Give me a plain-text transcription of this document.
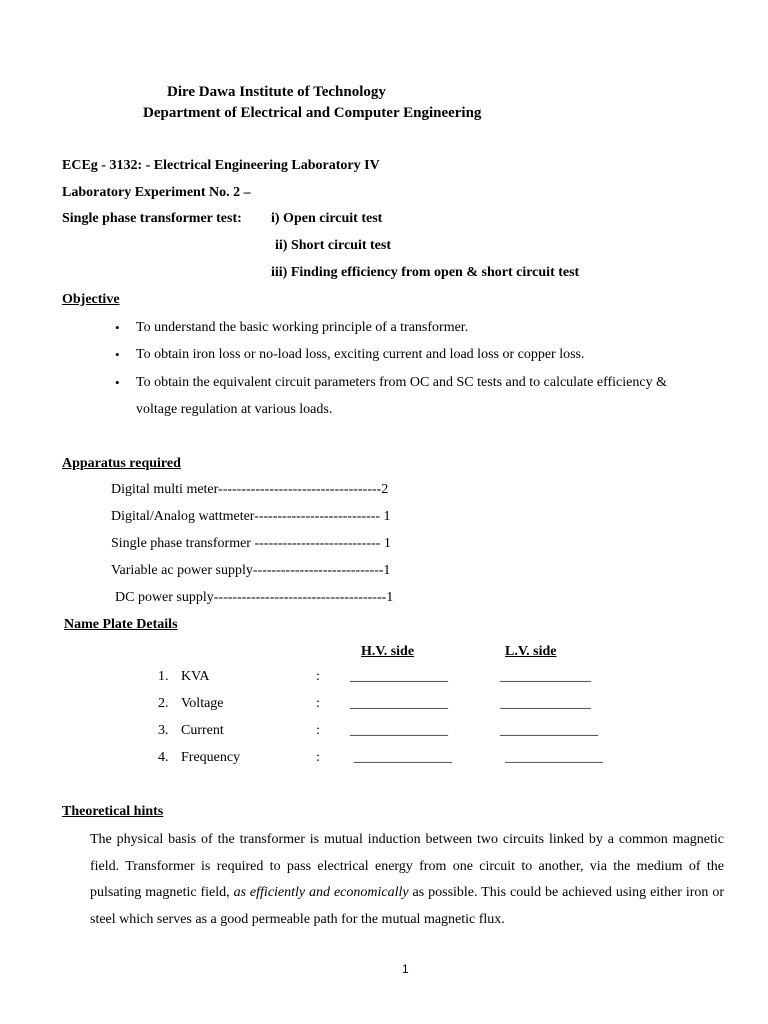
Dire Dawa Institute of Technology
Department of Electrical and Computer Engineering
ECEg - 3132: - Electrical Engineering Laboratory IV
Laboratory Experiment No. 2 –
Single phase transformer test: i) Open circuit test
ii) Short circuit test
iii) Finding efficiency from open & short circuit test
Objective
• To understand the basic working principle of a transformer.
• To obtain iron loss or no-load loss, exciting current and load loss or copper loss.
• To obtain the equivalent circuit parameters from OC and SC tests and to calculate efficiency &
voltage regulation at various loads.
Apparatus required
Digital multi meter-----------------------------------2
Digital/Analog wattmeter--------------------------- 1
Single phase transformer --------------------------- 1
Variable ac power supply----------------------------1
DC power supply-------------------------------------1
Name Plate Details
H.V. side	L.V. side
1. KVA	: ______________	_____________
2. Voltage	: ______________	_____________
3. Current	: ______________	______________
4. Frequency	: ______________	______________
Theoretical hints
The physical basis of the transformer is mutual induction between two circuits linked by a common magnetic field. Transformer is required to pass electrical energy from one circuit to another, via the medium of the pulsating magnetic field, as efficiently and economically as possible. This could be achieved using either iron or steel which serves as a good permeable path for the mutual magnetic flux.
1
